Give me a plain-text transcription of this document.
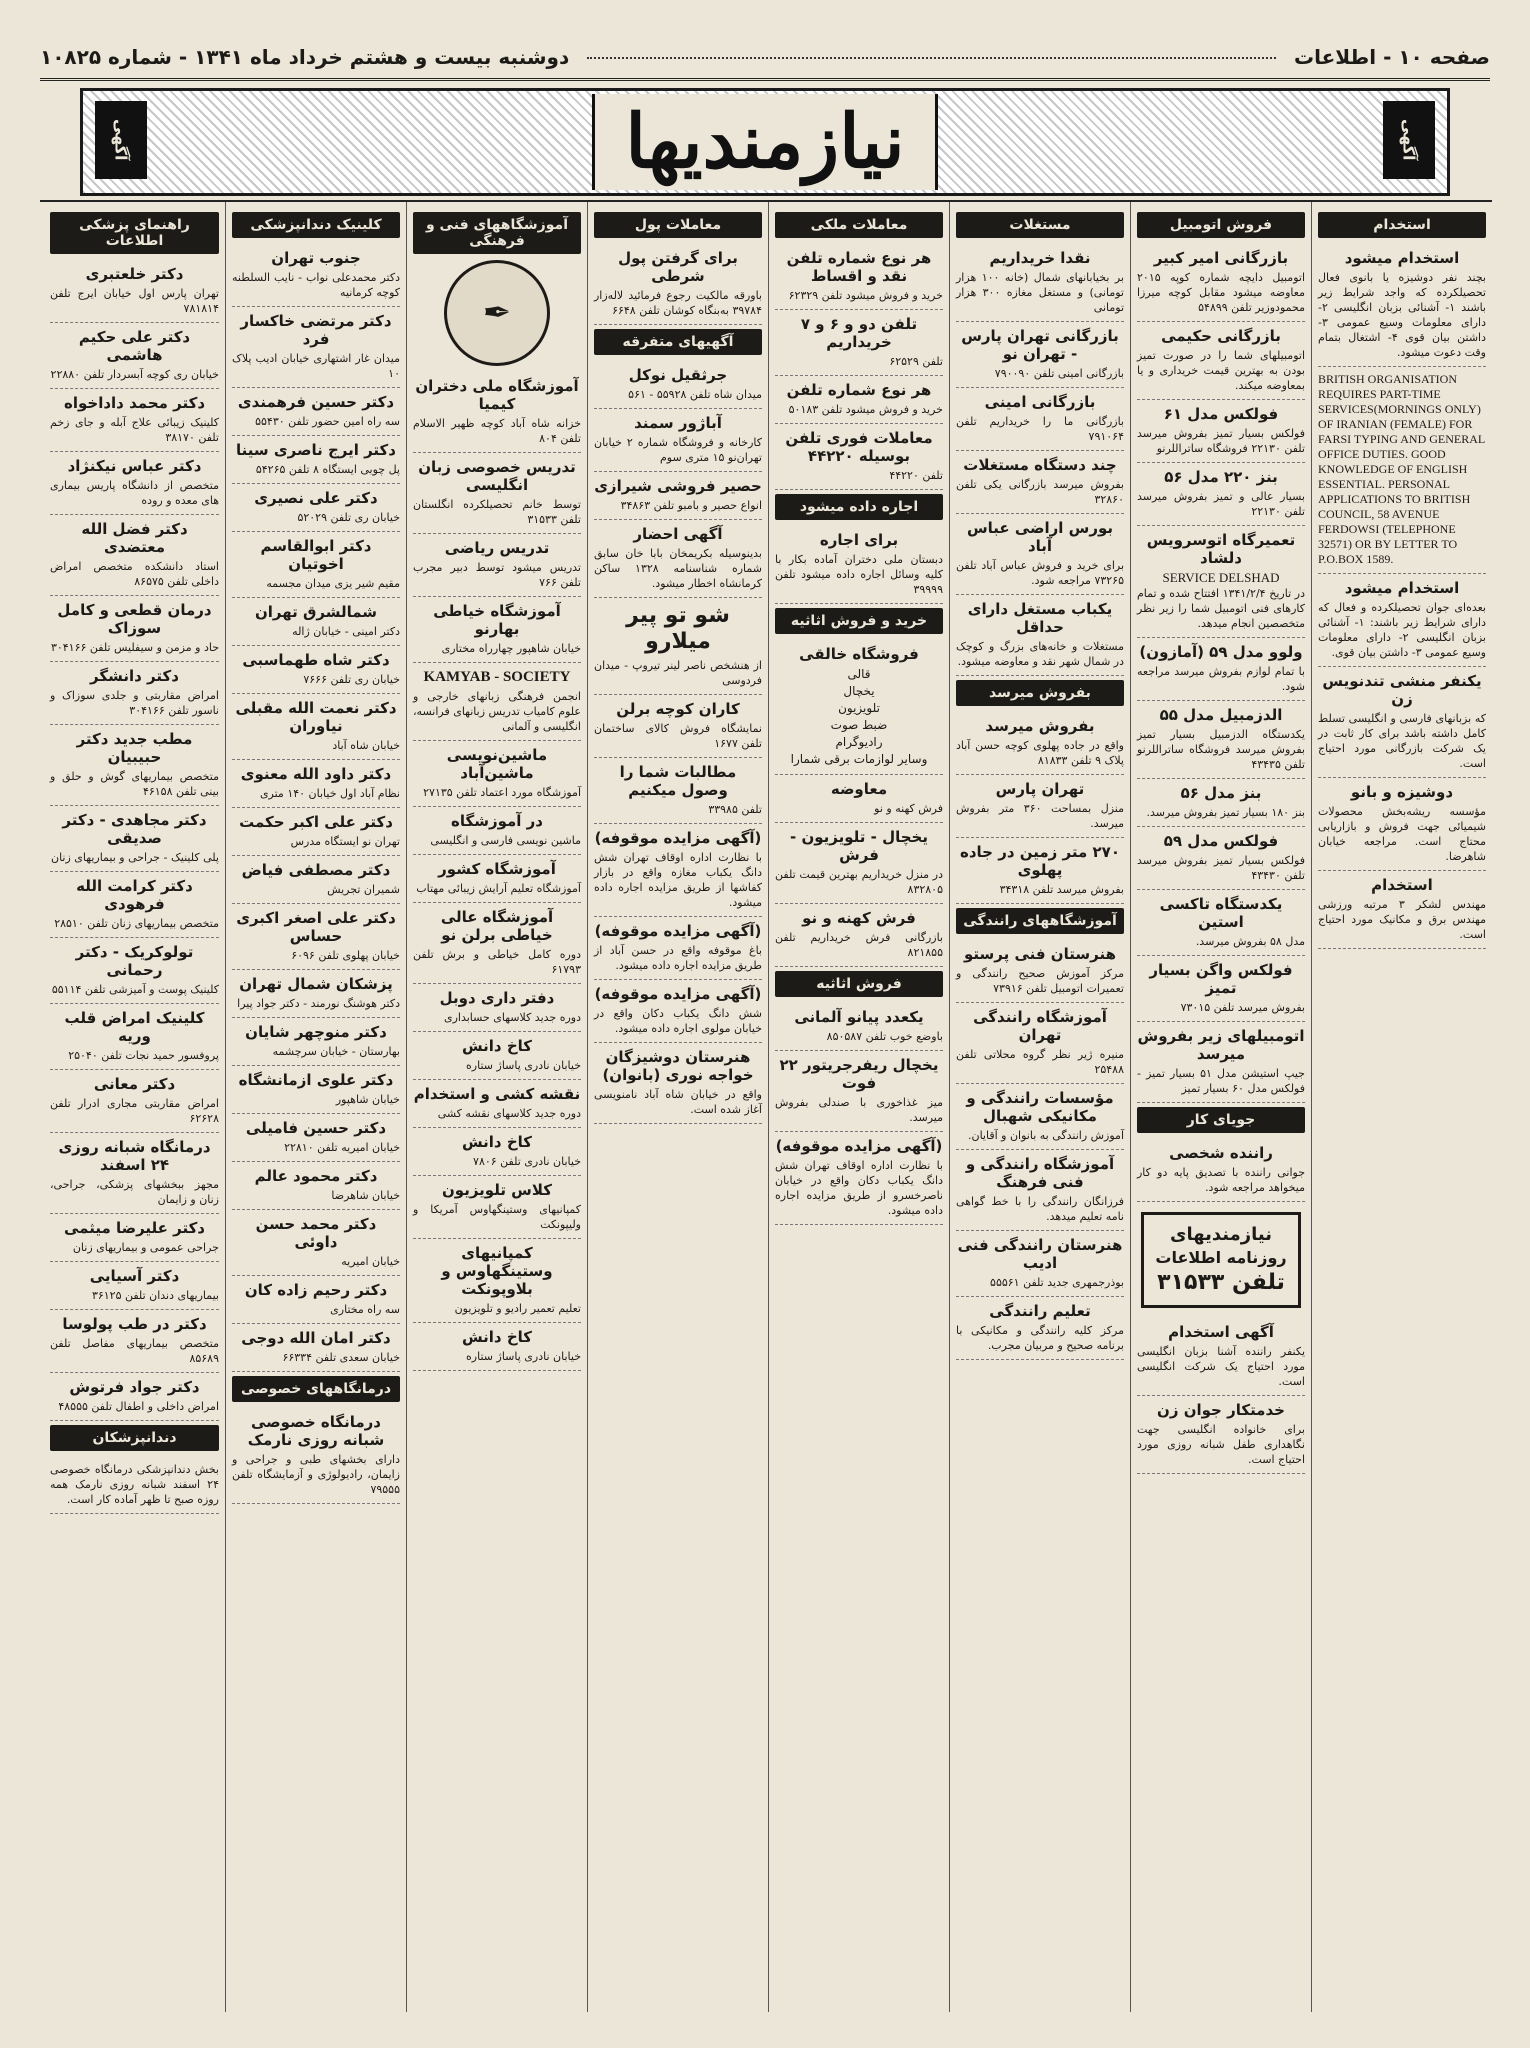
صفحه ۱۰ - اطلاعات
دوشنبه بیست و هشتم خرداد ماه ۱۳۴۱ - شماره ۱۰۸۲۵
آگهی
نیازمندیها
آگهی
استخدام
استخدام میشود

بچند نفر دوشیزه یا بانوی فعال تحصیلکرده که واجد شرایط زیر باشند ۱- آشنائی بزبان انگلیسی ۲- دارای معلومات وسیع عمومی ۳- داشتن بیان قوی ۴- اشتغال بتمام وقت دعوت میشود.

BRITISH ORGANISATION REQUIRES PART-TIME SERVICES(MORNINGS ONLY) OF IRANIAN (FEMALE) FOR FARSI TYPING AND GENERAL OFFICE DUTIES. GOOD KNOWLEDGE OF ENGLISH ESSENTIAL. PERSONAL APPLICATIONS TO BRITISH COUNCIL, 58 AVENUE FERDOWSI (TELEPHONE 32571) OR BY LETTER TO P.O.BOX 1589.

استخدام میشود

بعده‌ای جوان تحصیلکرده و فعال که دارای شرایط زیر باشند: ۱- آشنائی بزبان انگلیسی ۲- دارای معلومات وسیع عمومی ۳- داشتن بیان قوی.

یکنفر منشی تندنویس زن

که بزبانهای فارسی و انگلیسی تسلط کامل داشته باشد برای کار ثابت در یک شرکت بازرگانی مورد احتیاج است.

دوشیزه و بانو

مؤسسه ریشه‌بخش محصولات شیمیائی جهت فروش و بازاریابی محتاج است. مراجعه خیابان شاهرضا.

استخدام

مهندس لشکر ۳ مرتبه ورزشی مهندس برق و مکانیک مورد احتیاج است.

فروش اتومبیل
بازرگانی امیر کبیر

اتومبیل دایچه شماره کوپه ۲۰۱۵ معاوضه میشود مقابل کوچه میرزا محمودوزیر تلفن ۵۴۸۹۹

بازرگانی حکیمی

اتومبیلهای شما را در صورت تمیز بودن به بهترین قیمت خریداری و یا بمعاوضه میکند.

فولکس مدل ۶۱

فولکس بسیار تمیز بفروش میرسد تلفن ۲۲۱۳۰ فروشگاه ساتراللرنو

بنز ۲۲۰ مدل ۵۶

بسیار عالی و تمیز بفروش میرسد تلفن ۲۲۱۳۰

تعمیرگاه اتوسرویس دلشاد
SERVICE DELSHAD

در تاریخ ۱۳۴۱/۲/۴ افتتاح شده و تمام کارهای فنی اتومبیل شما را زیر نظر متخصصین انجام میدهد.

ولوو مدل ۵۹ (آمازون)

با تمام لوازم بفروش میرسد مراجعه شود.

الدزمبیل مدل ۵۵

یکدستگاه الدزمبیل بسیار تمیز بفروش میرسد فروشگاه ساتراللرنو تلفن ۴۳۴۳۵

بنز مدل ۵۶

بنز ۱۸۰ بسیار تمیز بفروش میرسد.

فولکس مدل ۵۹

فولکس بسیار تمیز بفروش میرسد تلفن ۴۳۴۳۰

یکدستگاه تاکسی استین

مدل ۵۸ بفروش میرسد.

فولکس واگن بسیار تمیز

بفروش میرسد تلفن ۷۳۰۱۵

اتومبیلهای زیر بفروش میرسد

جیپ استیشن مدل ۵۱ بسیار تمیز - فولکس مدل ۶۰ بسیار تمیز

جویای کار
راننده شخصی

جوانی راننده با تصدیق پایه دو کار میخواهد مراجعه شود.

نیازمندیهای
روزنامه اطلاعات
تلفن ۳۱۵۳۳
آگهی استخدام

یکنفر راننده آشنا بزبان انگلیسی مورد احتیاج یک شرکت انگلیسی است.

خدمتکار جوان زن

برای خانواده انگلیسی جهت نگاهداری طفل شبانه روزی مورد احتیاج است.

مستغلات
نقدا خریداریم

بر بخیابانهای شمال (خانه ۱۰۰ هزار تومانی) و مستغل مغازه ۳۰۰ هزار تومانی

بازرگانی تهران پارس - تهران نو

بازرگانی امینی تلفن ۷۹۰۰۹۰

بازرگانی امینی

بازرگانی ما را خریداریم تلفن ۷۹۱۰۶۴

چند دستگاه مستغلات

بفروش میرسد بازرگانی یکی تلفن ۳۲۸۶۰

بورس اراضی عباس آباد

برای خرید و فروش عباس آباد تلفن ۷۳۲۶۵ مراجعه شود.

یکباب مستغل دارای حداقل

مستغلات و خانه‌های بزرگ و کوچک در شمال شهر نقد و معاوضه میشود.

بفروش میرسد
بفروش میرسد

واقع در جاده پهلوی کوچه حسن آباد پلاک ۹ تلفن ۸۱۸۳۳

تهران پارس

منزل بمساحت ۳۶۰ متر بفروش میرسد.

۲۷۰ متر زمین در جاده پهلوی

بفروش میرسد تلفن ۳۴۳۱۸

آموزشگاههای رانندگی
هنرستان فنی پرستو

مرکز آموزش صحیح رانندگی و تعمیرات اتومبیل تلفن ۷۳۹۱۶

آموزشگاه رانندگی تهران

منیره ژیر نظر گروه محلاتی تلفن ۲۵۴۸۸

مؤسسات رانندگی و مکانیکی شهبال

آموزش رانندگی به بانوان و آقایان.

آموزشگاه رانندگی و فنی فرهنگ

فرزانگان رانندگی را با خط گواهی نامه تعلیم میدهد.

هنرستان رانندگی فنی ادیب

بوذرجمهری جدید تلفن ۵۵۵۶۱

تعلیم رانندگی

مرکز کلیه رانندگی و مکانیکی با برنامه صحیح و مربیان مجرب.

معاملات ملکی
هر نوع شماره تلفن نقد و اقساط

خرید و فروش میشود تلفن ۶۲۳۲۹

تلفن دو و ۶ و ۷ خریداریم

تلفن ۶۲۵۲۹

هر نوع شماره تلفن

خرید و فروش میشود تلفن ۵۰۱۸۳

معاملات فوری تلفن بوسیله ۴۴۲۲۰

تلفن ۴۴۲۲۰

اجاره داده میشود
برای اجاره

دبستان ملی دختران آماده بکار با کلیه وسائل اجاره داده میشود تلفن ۳۹۹۹۹

خرید و فروش اثاثیه
فروشگاه خالقی
قالی
یخچال
تلویزیون
ضبط صوت
رادیوگرام
وسایر لوازمات برقی شمارا
معاوضه

فرش کهنه و نو

یخچال - تلویزیون - فرش

در منزل خریداریم بهترین قیمت تلفن ۸۳۲۸۰۵

فرش کهنه و نو

بازرگانی فرش خریداریم تلفن ۸۲۱۸۵۵

فروش اثاثیه
یکعدد پیانو آلمانی

باوضع خوب تلفن ۸۵۰۵۸۷

یخچال ریفرجریتور ۲۲ فوت

میز غذاخوری با صندلی بفروش میرسد.

(آگهی مزایده موقوفه)

با نظارت اداره اوقاف تهران شش دانگ یکباب دکان واقع در خیابان ناصرخسرو از طریق مزایده اجاره داده میشود.

معاملات پول
برای گرفتن پول شرطی

باورقه مالکیت رجوع فرمائید لاله‌زار ۳۹۷۸۴ به‌بنگاه کوشان تلفن ۶۶۴۸

آگهیهای متفرقه
جرثقیل نوکل

میدان شاه تلفن ۵۵۹۲۸ - ۵۶۱

آباژور سمند

کارخانه و فروشگاه شماره ۲ خیابان تهران‌نو ۱۵ متری سوم

حصیر فروشی شیرازی

انواع حصیر و بامبو تلفن ۳۴۸۶۳

آگهی احضار

بدینوسیله بکریمخان بابا خان سابق شماره شناسنامه ۱۳۲۸ ساکن کرمانشاه اخطار میشود.

شو تو پیر میلارو

از هنشخص ناصر لینر تیروپ - میدان فردوسی

کاران کوچه برلن

نمایشگاه فروش کالای ساختمان تلفن ۱۶۷۷

مطالبات شما را وصول میکنیم

تلفن ۳۳۹۸۵

(آگهی مزایده موقوفه)

با نظارت اداره اوقاف تهران شش دانگ یکباب مغازه واقع در بازار کفاشها از طریق مزایده اجاره داده میشود.

(آگهی مزایده موقوفه)

باغ موقوفه واقع در حسن آباد از طریق مزایده اجاره داده میشود.

(آگهی مزایده موقوفه)

شش دانگ یکباب دکان واقع در خیابان مولوی اجاره داده میشود.

هنرستان دوشیزگان خواجه نوری (بانوان)

واقع در خیابان شاه آباد نامنویسی آغاز شده است.

آموزشگاههای فنی و فرهنگی
✒
آموزشگاه ملی دختران کیمیا

خزانه شاه آباد کوچه ظهیر الاسلام تلفن ۸۰۴

تدریس خصوصی زبان انگلیسی

توسط خانم تحصیلکرده انگلستان تلفن ۳۱۵۳۳

تدریس ریاضی

تدریس میشود توسط دبیر مجرب تلفن ۷۶۶

آموزشگاه خیاطی بهارنو

خیابان شاهپور چهارراه مختاری

KAMYAB - SOCIETY

انجمن فرهنگی زبانهای خارجی و علوم کامیاب تدریس زبانهای فرانسه، انگلیسی و آلمانی

ماشین‌نویسی ماشین‌آباد

آموزشگاه مورد اعتماد تلفن ۲۷۱۳۵

در آموزشگاه

ماشین نویسی فارسی و انگلیسی

آموزشگاه کشور

آموزشگاه تعلیم آرایش زیبائی مهتاب

آموزشگاه عالی خیاطی برلن نو

دوره کامل خیاطی و برش تلفن ۶۱۷۹۳

دفتر داری دوبل

دوره جدید کلاسهای حسابداری

کاخ دانش

خیابان نادری پاساژ ستاره

نقشه کشی و استخدام

دوره جدید کلاسهای نقشه کشی

کاخ دانش

خیابان نادری تلفن ۷۸۰۶

کلاس تلویزیون

کمپانیهای وستینگهاوس آمریکا و ولیپونکت

کمپانیهای وستینگهاوس و بلاوپونکت

تعلیم تعمیر رادیو و تلویزیون

کاخ دانش

خیابان نادری پاساژ ستاره

کلینیک دندانپزشکی
جنوب تهران

دکتر محمدعلی نواب - نایب السلطنه کوچه کرمانیه

دکتر مرتضی خاکسار فرد

میدان غار اشتهاری خیابان ادیب پلاک ۱۰

دکتر حسین فرهمندی

سه راه امین حضور تلفن ۵۵۴۳۰

دکتر ایرج ناصری سینا

پل چوبی ایستگاه ۸ تلفن ۵۴۲۶۵

دکتر علی نصیری

خیابان ری تلفن ۵۲۰۲۹

دکتر ابوالقاسم اخوتیان

مقیم شیر یزی میدان مجسمه

شمالشرق تهران

دکتر امینی - خیابان ژاله

دکتر شاه طهماسبی

خیابان ری تلفن ۷۶۶۶

دکتر نعمت الله مقبلی نیاوران

خیابان شاه آباد

دکتر داود الله معنوی

نظام آباد اول خیابان ۱۴۰ متری

دکتر علی اکبر حکمت

تهران نو ایستگاه مدرس

دکتر مصطفی فیاض

شمیران تجریش

دکتر علی اصغر اکبری حساس

خیابان پهلوی تلفن ۶۰۹۶

پزشکان شمال تهران

دکتر هوشنگ نورمند - دکتر جواد پیرا

دکتر منوچهر شایان

بهارستان - خیابان سرچشمه

دکتر علوی ازمانشگاه

خیابان شاهپور

دکتر حسین فامیلی

خیابان امیریه تلفن ۲۲۸۱۰

دکتر محمود عالم

خیابان شاهرضا

دکتر محمد حسن داوئی

خیابان امیریه

دکتر رحیم زاده کان

سه راه مختاری

دکتر امان الله دوجی

خیابان سعدی تلفن ۶۶۳۳۴

درمانگاههای خصوصی
درمانگاه خصوصی شبانه روزی نارمک

دارای بخشهای طبی و جراحی و زایمان، رادیولوژی و آزمایشگاه تلفن ۷۹۵۵۵

راهنمای پزشکی اطلاعات
دکتر خلعتبری

تهران پارس اول خیابان ایرج تلفن ۷۸۱۸۱۴

دکتر علی حکیم هاشمی

خیابان ری کوچه آبسردار تلفن ۲۲۸۸۰

دکتر محمد داداخواه

کلینیک زیبائی علاج آبله و جای زخم تلفن ۳۸۱۷۰

دکتر عباس نیکنژاد

متخصص از دانشگاه پاریس بیماری های معده و روده

دکتر فضل الله معتضدی

استاد دانشکده متخصص امراض داخلی تلفن ۸۶۵۷۵

درمان قطعی و کامل سوزاک

حاد و مزمن و سیفلیس تلفن ۳۰۴۱۶۶

دکتر دانشگر

امراض مقاربتی و جلدی سوزاک و ناسور تلفن ۳۰۴۱۶۶

مطب جدید دکتر حبیبیان

متخصص بیماریهای گوش و حلق و بینی تلفن ۴۶۱۵۸

دکتر مجاهدی - دکتر صدیقی

پلی کلینیک - جراحی و بیماریهای زنان

دکتر کرامت الله فرهودی

متخصص بیماریهای زنان تلفن ۲۸۵۱۰

تولوکریک - دکتر رحمانی

کلینیک پوست و آمیزشی تلفن ۵۵۱۱۴

کلینیک امراض قلب وریه

پروفسور حمید نجات تلفن ۲۵۰۴۰

دکتر معانی

امراض مقاربتی مجاری ادرار تلفن ۶۲۶۲۸

درمانگاه شبانه روزی ۲۴ اسفند

مجهز ببخشهای پزشکی، جراحی، زنان و زایمان

دکتر علیرضا میثمی

جراحی عمومی و بیماریهای زنان

دکتر آسیایی

بیماریهای دندان تلفن ۳۶۱۲۵

دکتر در طب پولوسا

متخصص بیماریهای مفاصل تلفن ۸۵۶۸۹

دکتر جواد فرتوش

امراض داخلی و اطفال تلفن ۴۸۵۵۵

دندانپزشکان

بخش دندانپزشکی درمانگاه خصوصی ۲۴ اسفند شبانه روزی نارمک همه روزه صبح تا ظهر آماده کار است.
